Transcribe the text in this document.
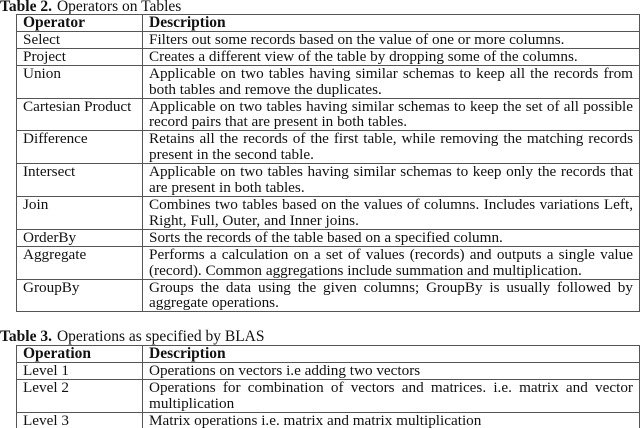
Table 2. Operators on Tables
Operator	Description
Select	Filters out some records based on the value of one or more columns.
Project	Creates a different view of the table by dropping some of the columns.
Union	Applicable on two tables having similar schemas to keep all the records from both tables and remove the duplicates.
Cartesian Product	Applicable on two tables having similar schemas to keep the set of all possible record pairs that are present in both tables.
Difference	Retains all the records of the first table, while removing the matching records present in the second table.
Intersect	Applicable on two tables having similar schemas to keep only the records that are present in both tables.
Join	Combines two tables based on the values of columns. Includes variations Left, Right, Full, Outer, and Inner joins.
OrderBy	Sorts the records of the table based on a specified column.
Aggregate	Performs a calculation on a set of values (records) and outputs a single value (record). Common aggregations include summation and multiplication.
GroupBy	Groups the data using the given columns; GroupBy is usually followed by aggregate operations.
Table 3. Operations as specified by BLAS
Operation	Description
Level 1	Operations on vectors i.e adding two vectors
Level 2	Operations for combination of vectors and matrices. i.e. matrix and vector multiplication
Level 3	Matrix operations i.e. matrix and matrix multiplication
